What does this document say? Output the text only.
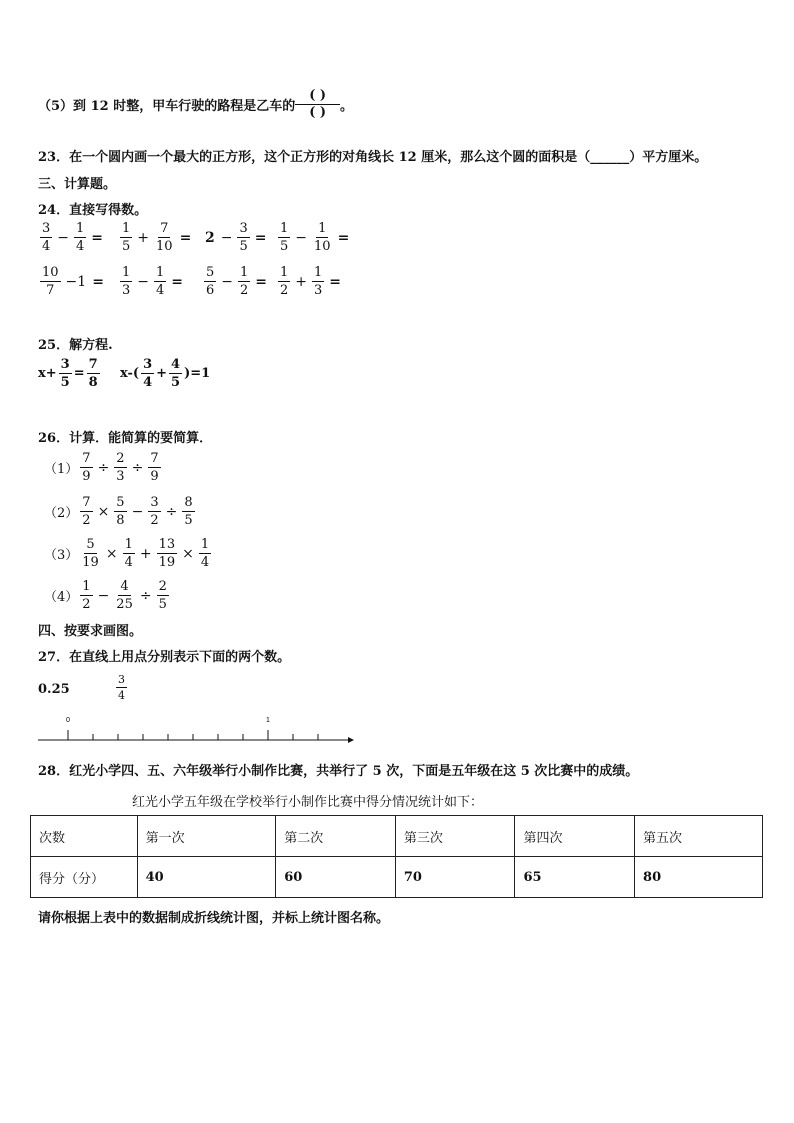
（5）到 12 时整，甲车行驶的路程是乙车的 $\frac{( )}{( )}$ 。
23．在一个圆内画一个最大的正方形，这个正方形的对角线长 12 厘米，那么这个圆的面积是（______）平方厘米。
三、计算题。
24．直接写得数。
$\frac{3}{4} - \frac{1}{4} = \frac{1}{5} + \frac{7}{10} = 2 - \frac{3}{5} = \frac{1}{5} - \frac{1}{10}$ =
$\frac{10}{7} -1 = \frac{1}{3} - \frac{1}{4} = \frac{5}{6} - \frac{1}{2} = \frac{1}{2} + \frac{1}{3}$ =
25．解方程.
$x+ \frac{3}{5} = \frac{7}{8} x-( \frac{3}{4} + \frac{4}{5} )=1$
26．计算．能简算的要简算．
$(1) \frac{7}{9} \div \frac{2}{3} \div \frac{7}{9}$
$(2) \frac{7}{2} \times \frac{5}{8} - \frac{3}{2} \div \frac{8}{5}$
$(3) \frac{5}{19} \times \frac{1}{4} + \frac{13}{19} \times \frac{1}{4}$
$(4) \frac{1}{2} - \frac{4}{25} \div \frac{2}{5}$
四、按要求画图。
27．在直线上用点分别表示下面的两个数。
0.25	$\frac{3}{4}$
0	1
28．红光小学四、五、六年级举行小制作比赛，共举行了 5 次，下面是五年级在这 5 次比赛中的成绩。
红光小学五年级在学校举行小制作比赛中得分情况统计如下：
次数	第一次	第二次	第三次	第四次	第五次
得分（分）	40	60	70	65	80
请你根据上表中的数据制成折线统计图，并标上统计图名称。
